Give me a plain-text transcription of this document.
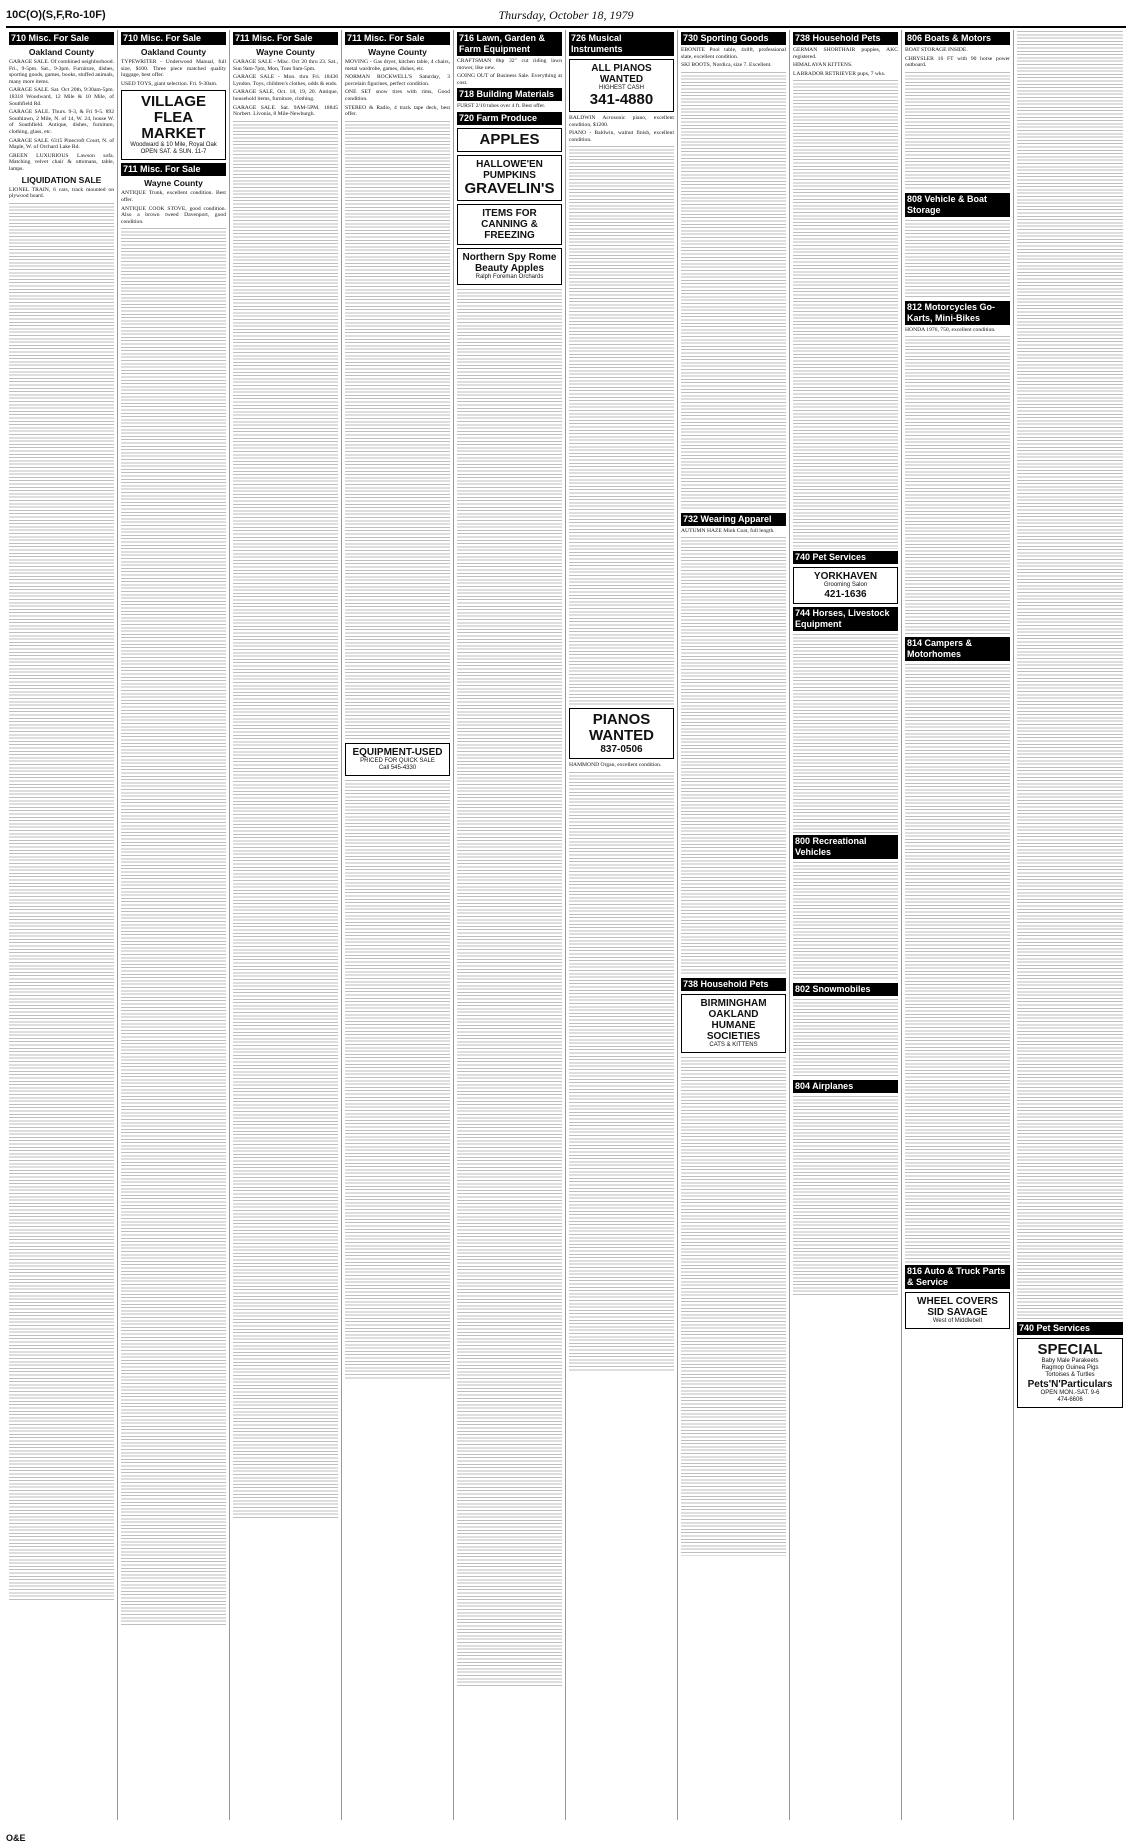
10C(O)(S,F,Ro-10F)	Thursday, October 18, 1979
710 Misc. For Sale
Oakland County

GARAGE SALE. Of combined neighborhood. Fri., 9-5pm. Sat., 9-3pm. Furniture, dishes, sporting goods, games, books, stuffed animals, many more items.

GARAGE SALE. Sat. Oct 20th, 9:30am-5pm. 18318 Woodward, 12 Mile & 10 Mile, of Southfield Rd.

GARAGE SALE. Thurs. 9-3, & Fri 9-5. 892 Southlawn, 2 Mile, N. of 14, W. 24, house W. of Southfield. Antique, dishes, furniture, clothing, glass, etc.

GARAGE SALE. 6315 Pinecroft Court, N. of Maple, W. of Orchard Lake Rd.

GREEN LUXURIOUS Lawson sofa. Matching velvet chair & ottomans, table, lamps.

LIQUIDATION SALE

LIONEL TRAIN, 6 cars, track mounted on plywood board.

710 Misc. For Sale
Oakland County

TYPEWRITER - Underwood Manual, full size, $100. Three piece matched quality luggage, best offer.

USED TOYS, giant selection. Fri. 9-30am.

VILLAGE
FLEA
MARKET
Woodward & 10 Mile, Royal Oak
OPEN SAT. & SUN. 11-7
711 Misc. For Sale
Wayne County

ANTIQUE Trunk, excellent condition. Best offer.

ANTIQUE COOK STOVE, good condition. Also a brown tweed Davenport, good condition.

711 Misc. For Sale
Wayne County

GARAGE SALE - Misc. Oct 20 thru 23. Sat., Sun 9am-7pm, Mon, Tues 9am-5pm.

GARAGE SALE - Mon. thru Fri. 18436 Lyndon. Toys, children's clothes, odds & ends.

GARAGE SALE, Oct. 18, 19, 20. Antique, household items, furniture, clothing.

GARAGE SALE. Sat. 9AM-5PM. 18845 Norbert. Livonia, 8 Mile-Newburgh.

711 Misc. For Sale
Wayne County

MOVING - Gas dryer, kitchen table, 4 chairs, metal wardrobe, games, dishes, etc.

NORMAN ROCKWELL'S Saturday, 3 porcelain figurines, perfect condition.

ONE SET snow tires with rims, Good condition.

STEREO & Radio, 4 track tape deck, best offer.

EQUIPMENT-USED
PRICED FOR QUICK SALE
Call 545-4330
716 Lawn, Garden & Farm Equipment

CRAFTSMAN 8hp 32" cut riding lawn mower, like new.

GOING OUT of Business Sale. Everything at cost.

718 Building Materials

FURST 2/10 tubes over 4 ft. Best offer.

720 Farm Produce
APPLES
HALLOWE'EN
PUMPKINS
GRAVELIN'S
ITEMS FOR CANNING & FREEZING
Northern Spy Rome Beauty Apples
Ralph Foreman Orchards
726 Musical Instruments
ALL PIANOS
WANTED
HIGHEST CASH
341-4880

BALDWIN Acrosonic piano, excellent condition, $1200.

PIANO - Baldwin, walnut finish, excellent condition.

PIANOS WANTED
837-0506

HAMMOND Organ, excellent condition.

730 Sporting Goods

EBONITE Pool table, 4x8ft, professional slate, excellent condition.

SKI BOOTS, Nordica, size 7. Excellent.

732 Wearing Apparel

AUTUMN HAZE Mink Coat, full length.

738 Household Pets
BIRMINGHAM
OAKLAND
HUMANE
SOCIETIES
CATS & KITTENS
738 Household Pets

GERMAN SHORTHAIR puppies, AKC registered.

HIMALAYAN KITTENS.

LABRADOR RETRIEVER pups, 7 wks.

740 Pet Services
YORKHAVEN
Grooming Salon
421-1636
744 Horses, Livestock Equipment
800 Recreational Vehicles
802 Snowmobiles
804 Airplanes
806 Boats & Motors

BOAT STORAGE INSIDE.

CHRYSLER 16 FT with 90 horse power outboard.

808 Vehicle & Boat Storage
812 Motorcycles Go-Karts, Mini-Bikes

HONDA 1976, 750, excellent condition.

814 Campers & Motorhomes
816 Auto & Truck Parts & Service
WHEEL COVERS
SID SAVAGE
West of Middlebelt
740 Pet Services
SPECIAL
Baby Male Parakeets
Ragmop Guinea Pigs
Tortoises & Turtles
Pets'N'Particulars
OPEN MON.-SAT. 9-6
474-6606
O&E
